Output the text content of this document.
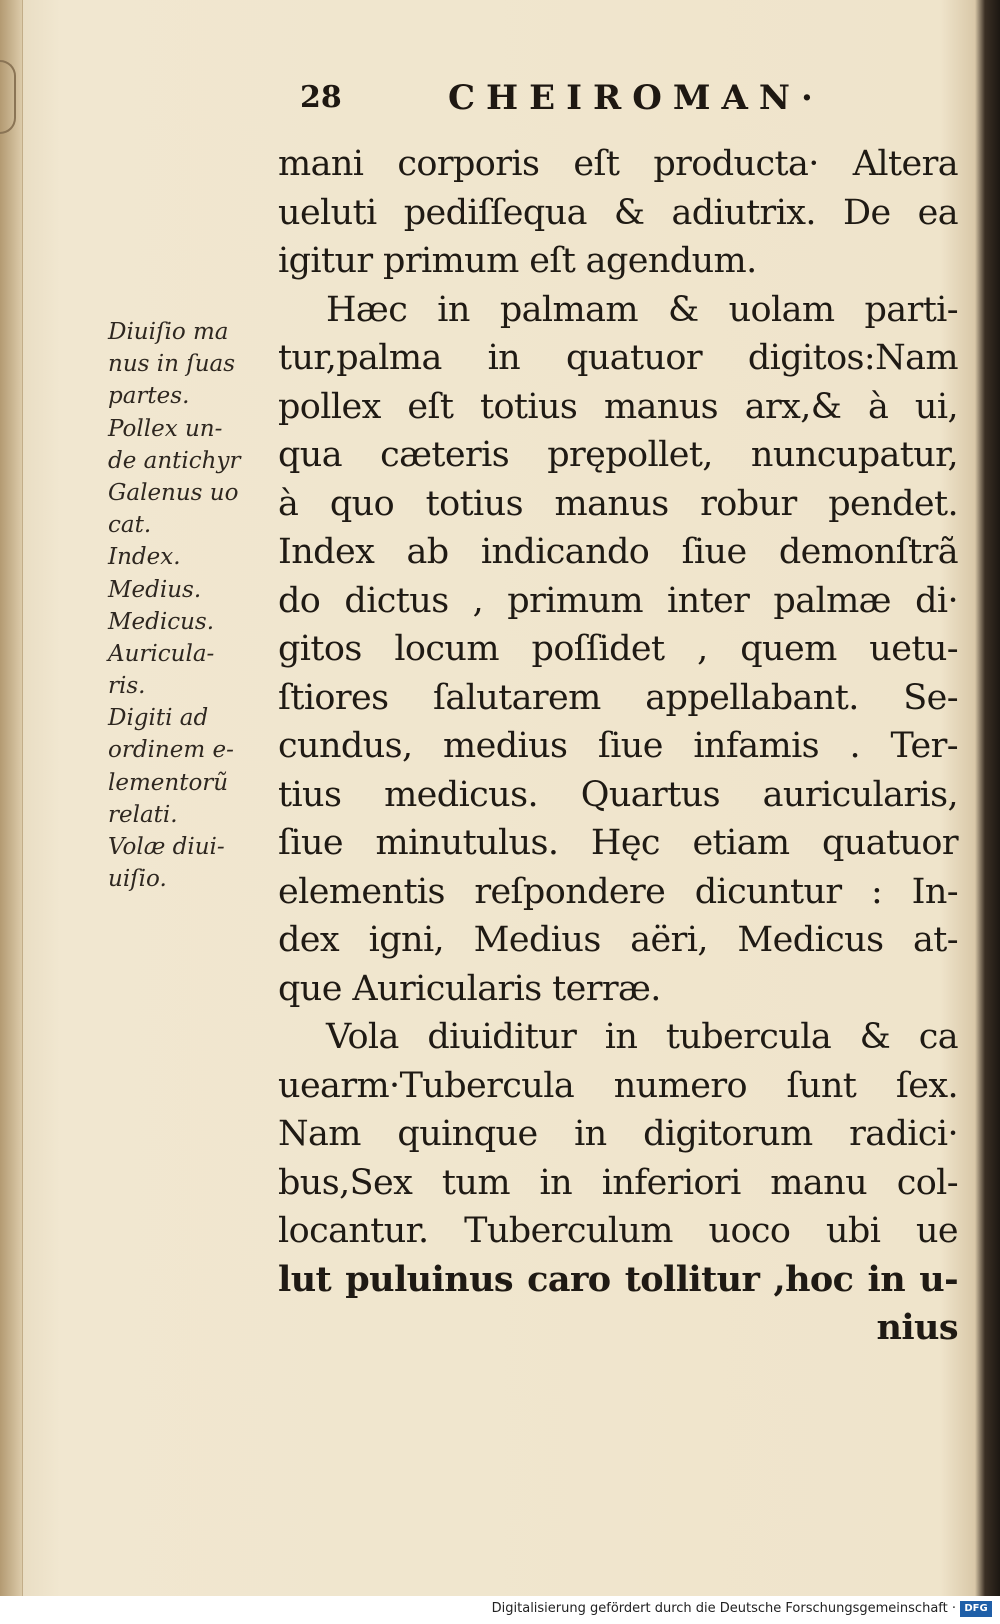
28	CHEIROMAN·
Diuiſio ma
nus in ſuas
partes.
Pollex un-
de antichyr
Galenus uo
cat.
Index.
Medius.
Medicus.
Auricula-
ris.
Digiti ad
ordinem e-
lementorũ
relati.
Volæ diui-
uiſio.
mani corporis eſt producta· Altera
ueluti pediſſequa & adiutrix. De ea
igitur primum eſt agendum.
Hæc in palmam & uolam parti-
tur,palma in quatuor digitos:Nam
pollex eſt totius manus arx,& à ui,
qua cæteris prępollet, nuncupatur,
à quo totius manus robur pendet.
Index ab indicando ſiue demonſtrã
do dictus , primum inter palmæ di·
gitos locum poſſidet , quem uetu-
ſtiores ſalutarem appellabant. Se-
cundus, medius ſiue infamis . Ter-
tius medicus. Quartus auricularis,
ſiue minutulus. Hęc etiam quatuor
elementis reſpondere dicuntur : In-
dex igni, Medius aëri, Medicus at-
que Auricularis terræ.
Vola diuiditur in tubercula & ca
uearm·Tubercula numero ſunt ſex.
Nam quinque in digitorum radici·
bus,Sex tum in inferiori manu col-
locantur. Tuberculum uoco ubi ue
lut puluinus caro tollitur ,hoc in u-
nius
Digitalisierung gefördert durch die Deutsche Forschungsgemeinschaft · DFG
